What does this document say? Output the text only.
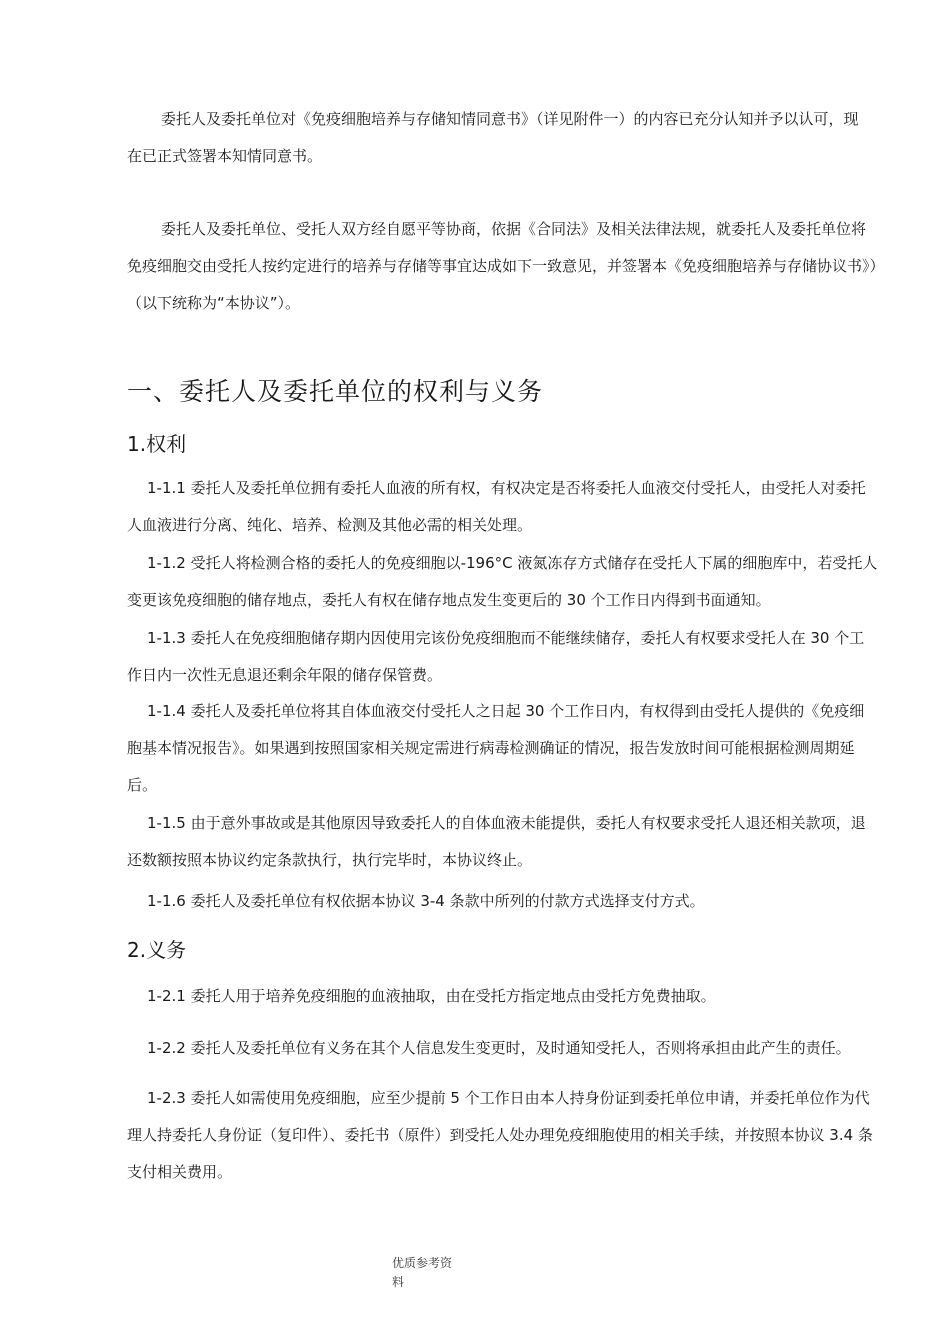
委托人及委托单位对《免疫细胞培养与存储知情同意书》（详见附件一）的内容已充分认知并予以认可，现在已正式签署本知情同意书。

委托人及委托单位、受托人双方经自愿平等协商，依据《合同法》及相关法律法规，就委托人及委托单位将免疫细胞交由受托人按约定进行的培养与存储等事宜达成如下一致意见，并签署本《免疫细胞培养与存储协议书》）（以下统称为“本协议”）。

一、委托人及委托单位的权利与义务
1.权利

1-1.1 委托人及委托单位拥有委托人血液的所有权，有权决定是否将委托人血液交付受托人，由受托人对委托人血液进行分离、纯化、培养、检测及其他必需的相关处理。

1-1.2 受托人将检测合格的委托人的免疫细胞以-196°C 液氮冻存方式储存在受托人下属的细胞库中，若受托人变更该免疫细胞的储存地点，委托人有权在储存地点发生变更后的 30 个工作日内得到书面通知。

1-1.3 委托人在免疫细胞储存期内因使用完该份免疫细胞而不能继续储存，委托人有权要求受托人在 30 个工作日内一次性无息退还剩余年限的储存保管费。

1-1.4 委托人及委托单位将其自体血液交付受托人之日起 30 个工作日内，有权得到由受托人提供的《免疫细胞基本情况报告》。如果遇到按照国家相关规定需进行病毒检测确证的情况，报告发放时间可能根据检测周期延后。

1-1.5 由于意外事故或是其他原因导致委托人的自体血液未能提供，委托人有权要求受托人退还相关款项，退还数额按照本协议约定条款执行，执行完毕时，本协议终止。

1-1.6 委托人及委托单位有权依据本协议 3-4 条款中所列的付款方式选择支付方式。

2.义务

1-2.1 委托人用于培养免疫细胞的血液抽取，由在受托方指定地点由受托方免费抽取。

1-2.2 委托人及委托单位有义务在其个人信息发生变更时，及时通知受托人，否则将承担由此产生的责任。

1-2.3 委托人如需使用免疫细胞，应至少提前 5 个工作日由本人持身份证到委托单位申请，并委托单位作为代理人持委托人身份证（复印件）、委托书（原件）到受托人处办理免疫细胞使用的相关手续，并按照本协议 3.4 条支付相关费用。

优质参考资
料
